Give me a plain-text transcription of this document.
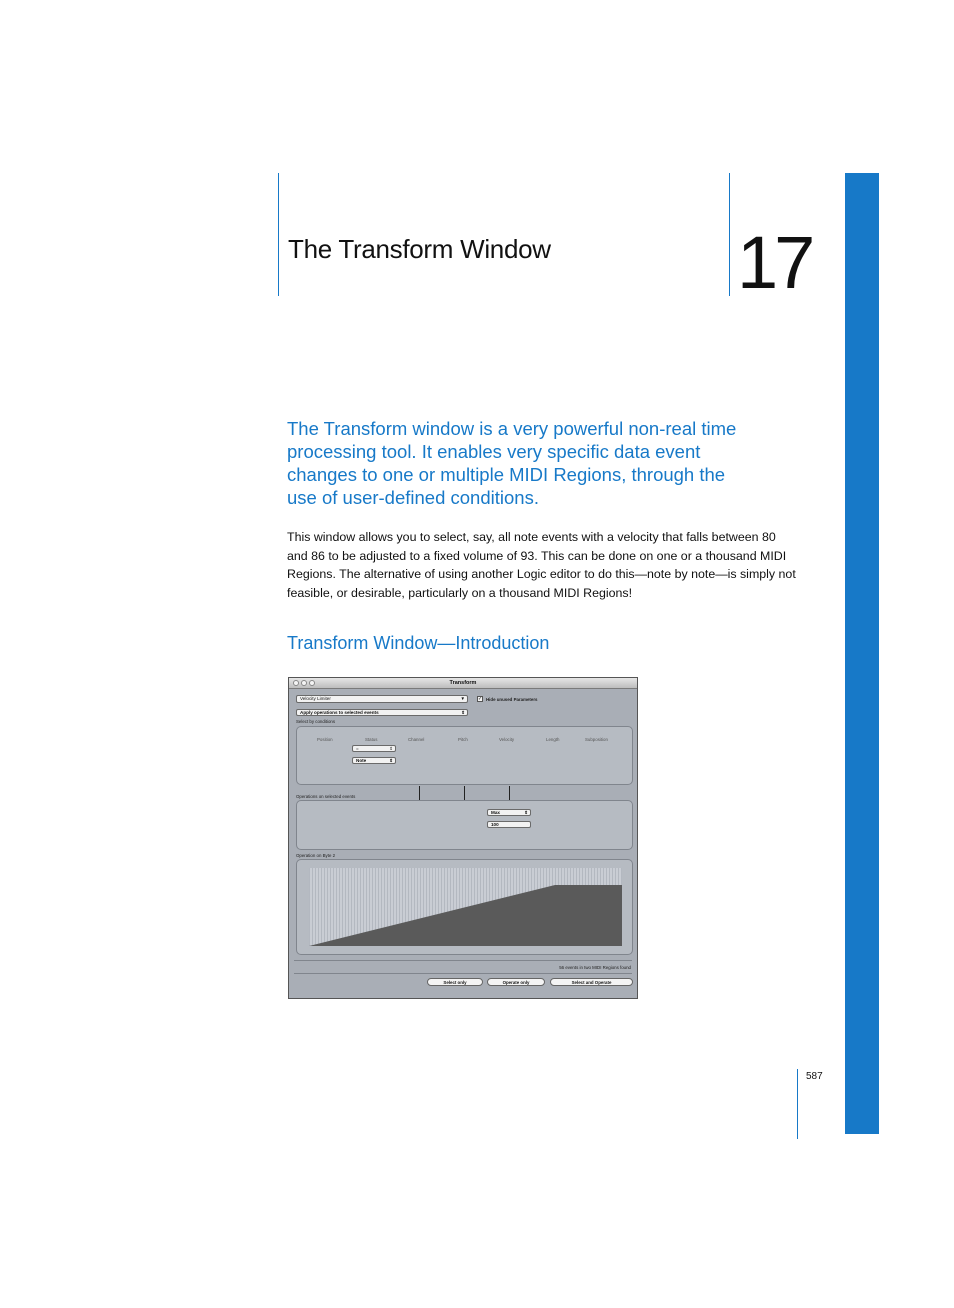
The Transform Window	17
The Transform window is a very powerful non-real time processing tool. It enables very specific data event changes to one or multiple MIDI Regions, through the use of user-defined conditions.
This window allows you to select, say, all note events with a velocity that falls between 80 and 86 to be adjusted to a fixed volume of 93. This can be done on one or a thousand MIDI Regions. The alternative of using another Logic editor to do this—note by note—is simply not feasible, or desirable, particularly on a thousand MIDI Regions!
Transform Window—Introduction
Transform
Velocity Limiter	▼	✓ Hide unused Parameters
Apply operations to selected events	⇕
Select by conditions
Position	Status	Channel	Pitch	Velocity	Length	Subposition
=	⇕
Note	⇕
Operations on selected events
Max	⇕
100
Operation on Byte 2
56 events in two MIDI Regions found
Select only	Operate only	Select and Operate
587
